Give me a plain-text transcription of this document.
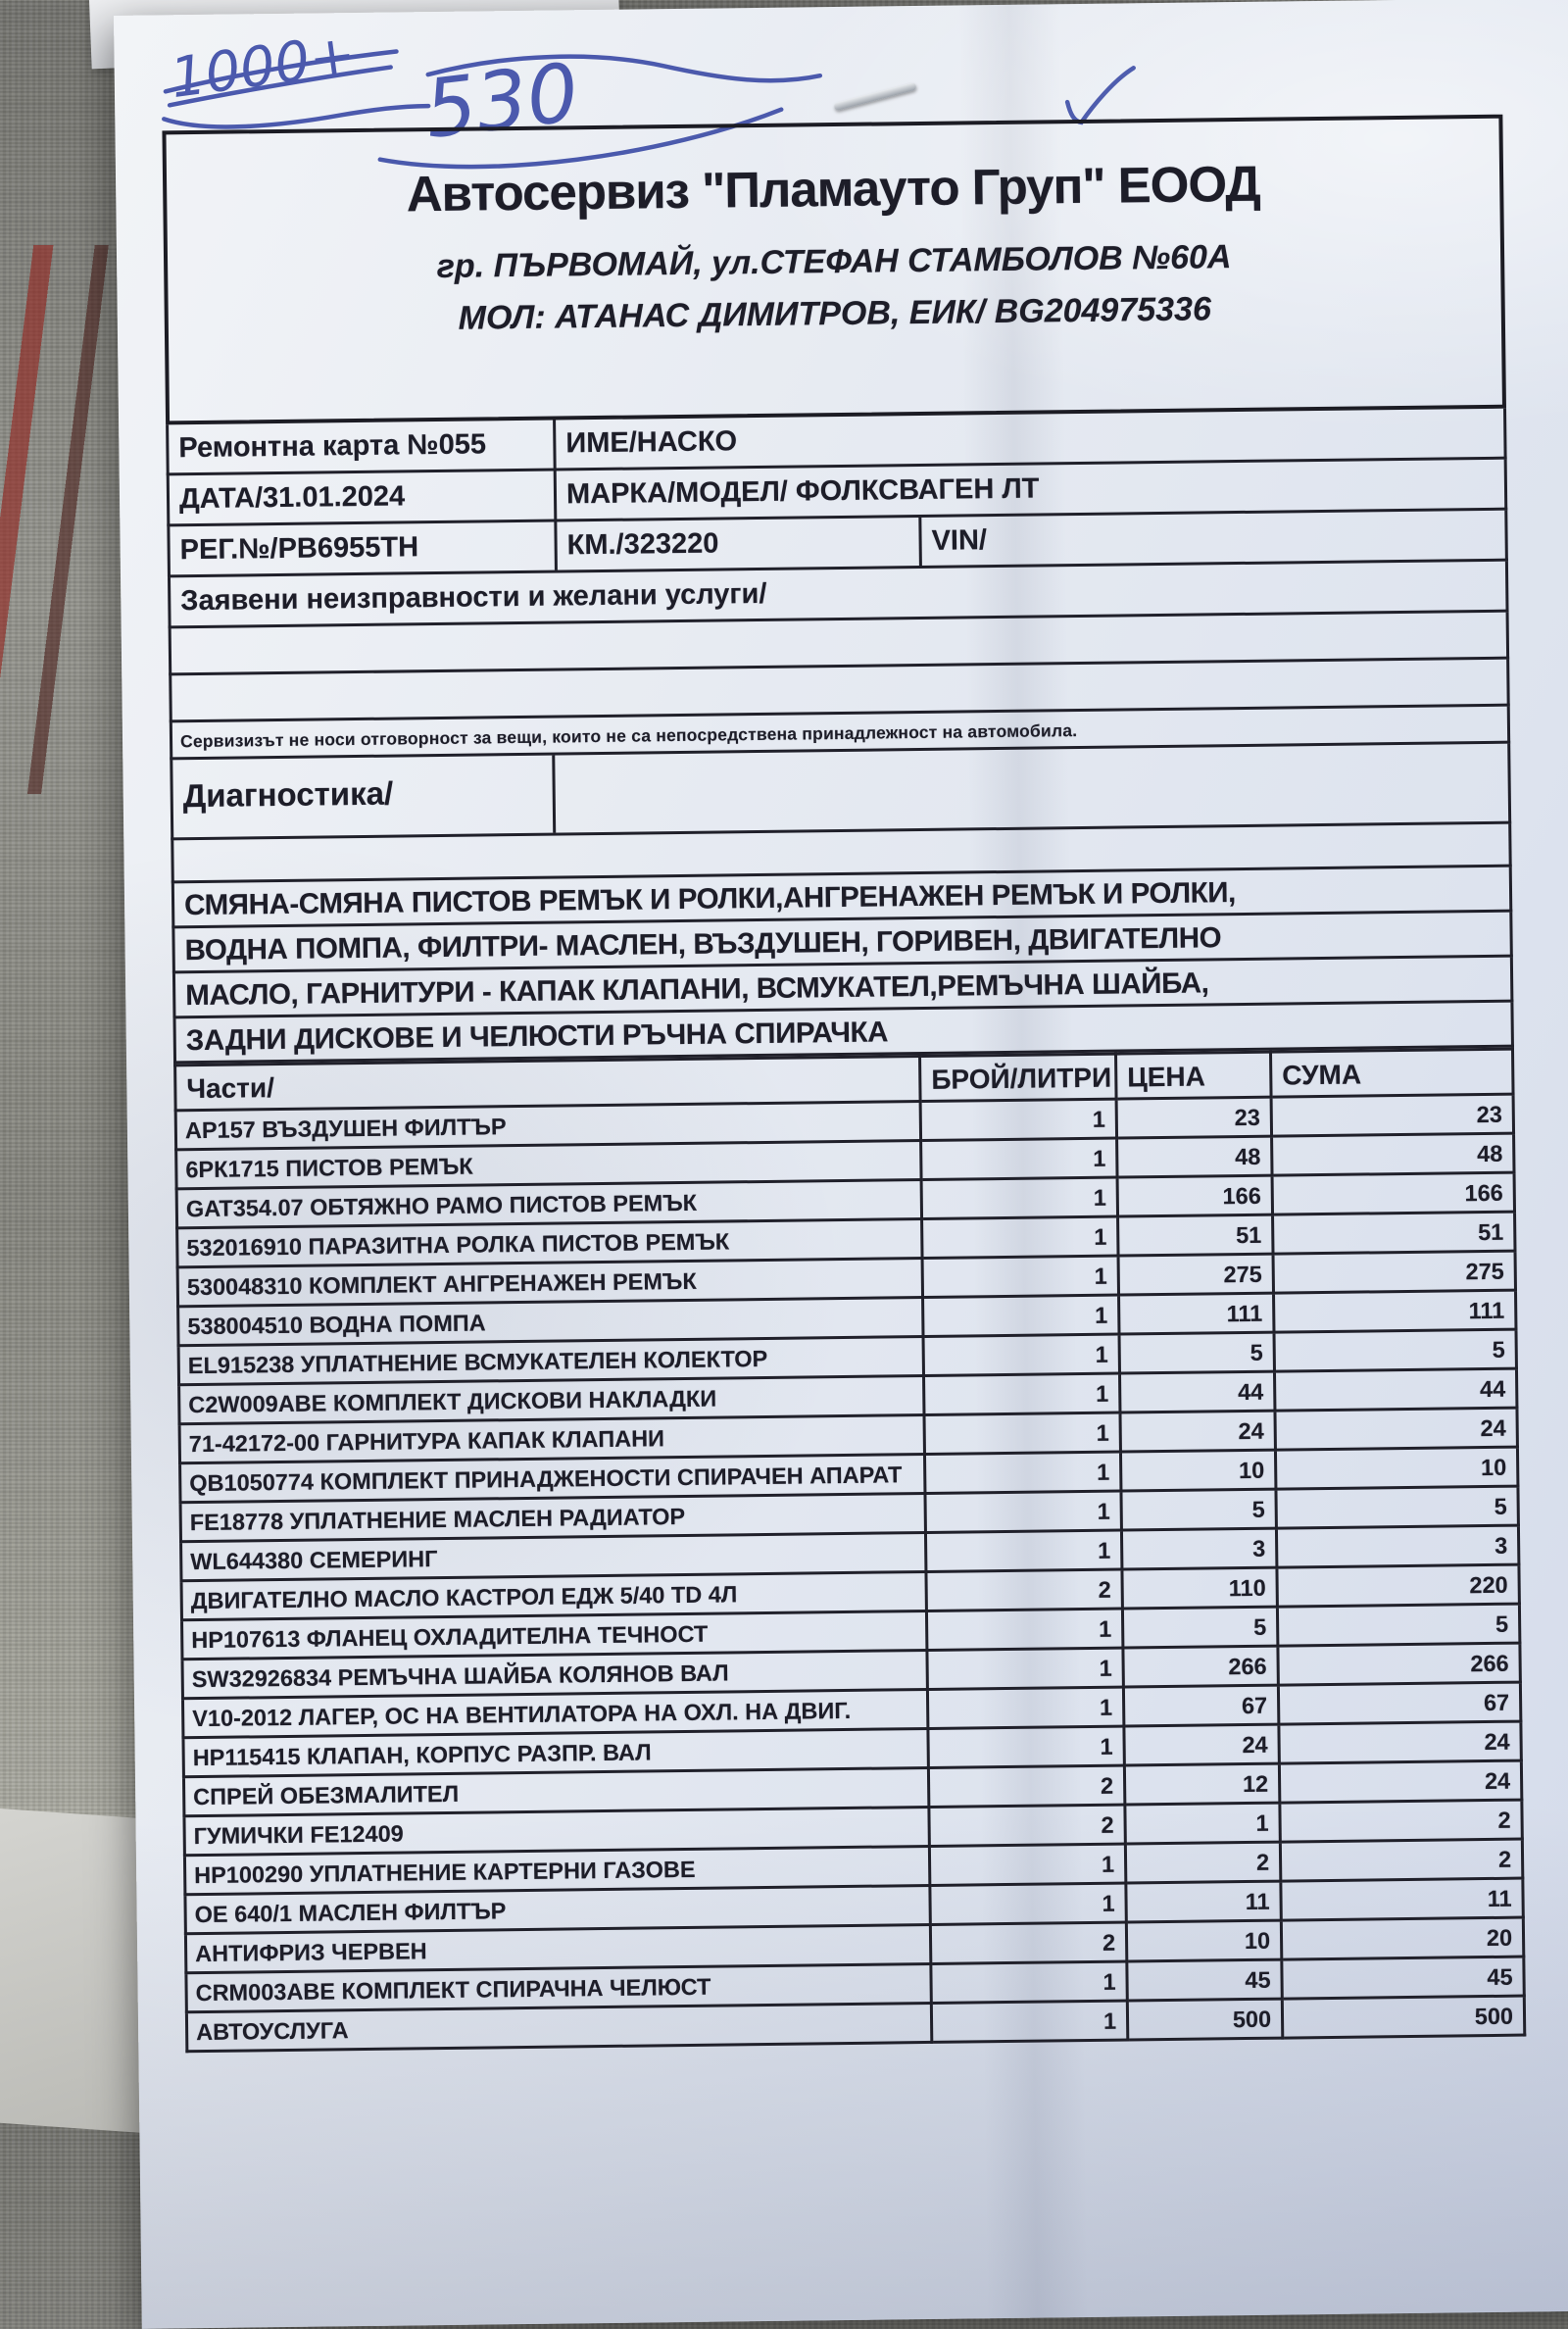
1000+ 530
Автосервиз "Пламауто Груп" ЕООД
гр. ПЪРВОМАЙ, ул.СТЕФАН СТАМБОЛОВ №60А
МОЛ: АТАНАС ДИМИТРОВ, ЕИК/ BG204975336
Ремонтна карта №055	ИМЕ/НАСКО
ДАТА/31.01.2024	МАРКА/МОДЕЛ/ ФОЛКСВАГЕН ЛТ
РЕГ.№/РВ6955ТН	КМ./323220	VIN/
Заявени неизправности и желани услуги/
Сервизизът не носи отговорност за вещи, които не са непосредствена принадлежност на автомобила.
Диагностика/
СМЯНА-СМЯНА ПИСТОВ РЕМЪК И РОЛКИ,АНГРЕНАЖЕН РЕМЪК И РОЛКИ,
ВОДНА ПОМПА, ФИЛТРИ- МАСЛЕН, ВЪЗДУШЕН, ГОРИВЕН, ДВИГАТЕЛНО
МАСЛО, ГАРНИТУРИ - КАПАК КЛАПАНИ, ВСМУКАТЕЛ,РЕМЪЧНА ШАЙБА,
ЗАДНИ ДИСКОВЕ И ЧЕЛЮСТИ РЪЧНА СПИРАЧКА
Части/	БРОЙ/ЛИТРИ	ЦЕНА	СУМА
АР157 ВЪЗДУШЕН ФИЛТЪР	1	23	23
6РК1715 ПИСТОВ РЕМЪК	1	48	48
GAT354.07 ОБТЯЖНО РАМО ПИСТОВ РЕМЪК	1	166	166
532016910 ПАРАЗИТНА РОЛКА ПИСТОВ РЕМЪК	1	51	51
530048310 КОМПЛЕКТ АНГРЕНАЖЕН РЕМЪК	1	275	275
538004510 ВОДНА ПОМПА	1	111	111
EL915238 УПЛАТНЕНИЕ ВСМУКАТЕЛЕН КОЛЕКТОР	1	5	5
C2W009ABE КОМПЛЕКТ ДИСКОВИ НАКЛАДКИ	1	44	44
71-42172-00 ГАРНИТУРА КАПАК КЛАПАНИ	1	24	24
QB1050774 КОМПЛЕКТ ПРИНАДЖЕНОСТИ СПИРАЧЕН АПАРАТ	1	10	10
FE18778 УПЛАТНЕНИЕ МАСЛЕН РАДИАТОР	1	5	5
WL644380 СЕМЕРИНГ	1	3	3
ДВИГАТЕЛНО МАСЛО КАСТРОЛ ЕДЖ 5/40 TD 4Л	2	110	220
НР107613 ФЛАНЕЦ ОХЛАДИТЕЛНА ТЕЧНОСТ	1	5	5
SW32926834 РЕМЪЧНА ШАЙБА КОЛЯНОВ ВАЛ	1	266	266
V10-2012 ЛАГЕР, ОС НА ВЕНТИЛАТОРА НА ОХЛ. НА ДВИГ.	1	67	67
НР115415 КЛАПАН, КОРПУС РАЗПР. ВАЛ	1	24	24
СПРЕЙ ОБЕЗМАЛИТЕЛ	2	12	24
ГУМИЧКИ FE12409	2	1	2
НР100290 УПЛАТНЕНИЕ КАРТЕРНИ ГАЗОВЕ	1	2	2
ОЕ 640/1 МАСЛЕН ФИЛТЪР	1	11	11
АНТИФРИЗ ЧЕРВЕН	2	10	20
CRM003ABE КОМПЛЕКТ СПИРАЧНА ЧЕЛЮСТ	1	45	45
АВТОУСЛУГА	1	500	500
